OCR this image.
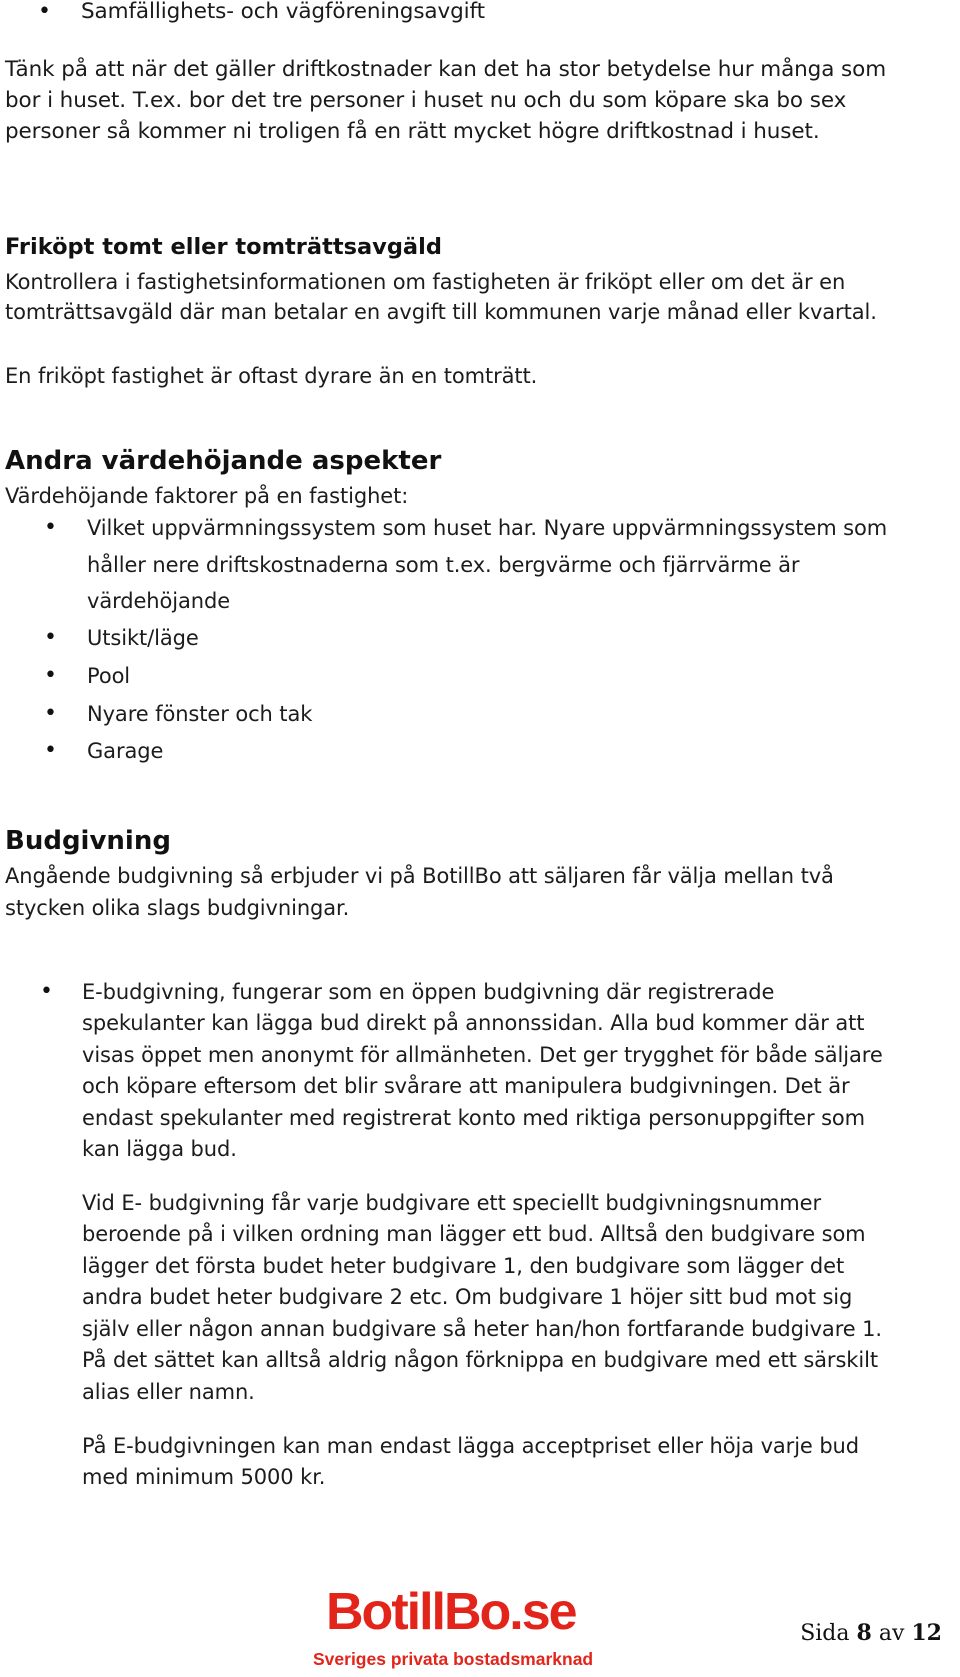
• Samfällighets- och vägföreningsavgift
Tänk på att när det gäller driftkostnader kan det ha stor betydelse hur många som
bor i huset. T.ex. bor det tre personer i huset nu och du som köpare ska bo sex
personer så kommer ni troligen få en rätt mycket högre driftkostnad i huset.
Friköpt tomt eller tomträttsavgäld
Kontrollera i fastighetsinformationen om fastigheten är friköpt eller om det är en
tomträttsavgäld där man betalar en avgift till kommunen varje månad eller kvartal.
En friköpt fastighet är oftast dyrare än en tomträtt.
Andra värdehöjande aspekter
Värdehöjande faktorer på en fastighet:
• Vilket uppvärmningssystem som huset har. Nyare uppvärmningssystem som
håller nere driftskostnaderna som t.ex. bergvärme och fjärrvärme är
värdehöjande
• Utsikt/läge
• Pool
• Nyare fönster och tak
• Garage
Budgivning
Angående budgivning så erbjuder vi på BotillBo att säljaren får välja mellan två
stycken olika slags budgivningar.
• E-budgivning, fungerar som en öppen budgivning där registrerade
spekulanter kan lägga bud direkt på annonssidan. Alla bud kommer där att
visas öppet men anonymt för allmänheten. Det ger trygghet för både säljare
och köpare eftersom det blir svårare att manipulera budgivningen. Det är
endast spekulanter med registrerat konto med riktiga personuppgifter som
kan lägga bud.
Vid E- budgivning får varje budgivare ett speciellt budgivningsnummer
beroende på i vilken ordning man lägger ett bud. Alltså den budgivare som
lägger det första budet heter budgivare 1, den budgivare som lägger det
andra budet heter budgivare 2 etc. Om budgivare 1 höjer sitt bud mot sig
själv eller någon annan budgivare så heter han/hon fortfarande budgivare 1.
På det sättet kan alltså aldrig någon förknippa en budgivare med ett särskilt
alias eller namn.
På E-budgivningen kan man endast lägga acceptpriset eller höja varje bud
med minimum 5000 kr.
BotillBo.se
Sveriges privata bostadsmarknad
Sida 8 av 12
